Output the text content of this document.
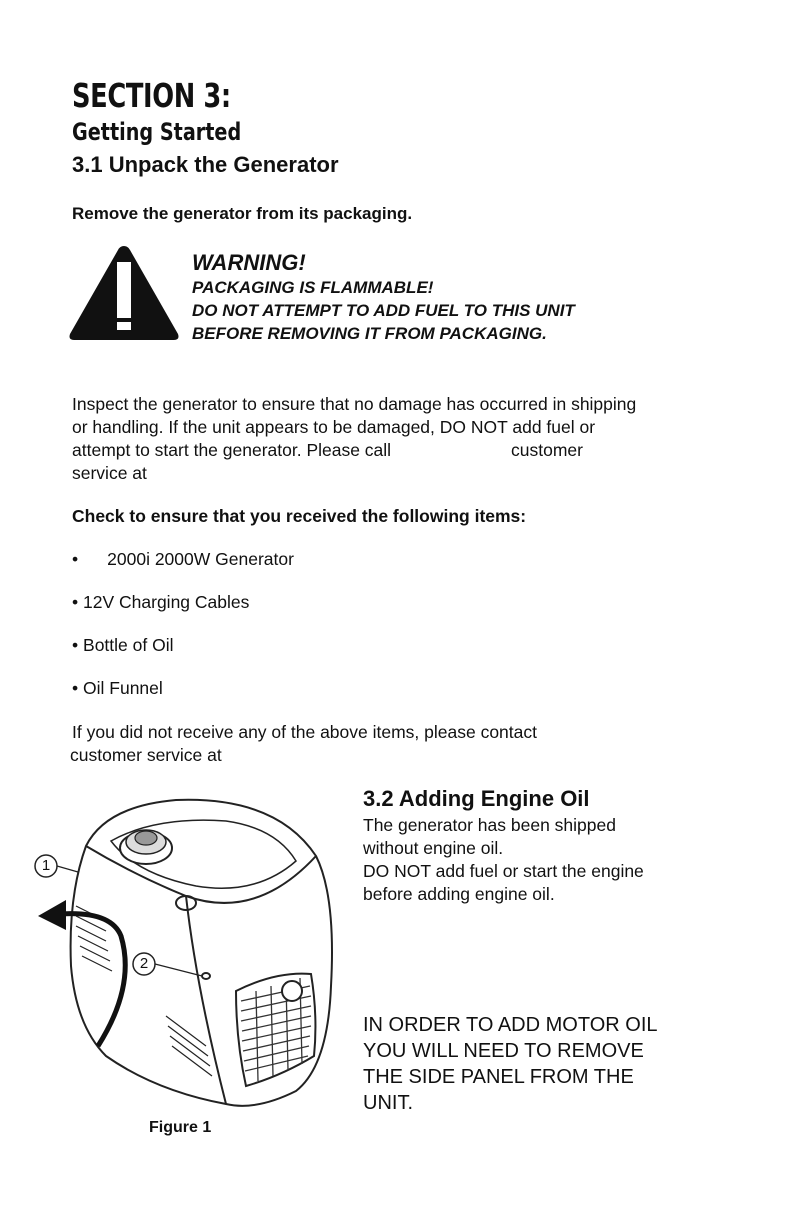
SECTION 3:
Getting Started
3.1 Unpack the Generator
Remove the generator from its packaging.
WARNING!
PACKAGING IS FLAMMABLE!
DO NOT ATTEMPT TO ADD FUEL TO THIS UNIT
BEFORE REMOVING IT FROM PACKAGING.
Inspect the generator to ensure that no damage has occurred in shipping
or handling. If the unit appears to be damaged, DO NOT add fuel or
attempt to start the generator. Please call	customer
service at
Check to ensure that you received the following items:
• 2000i 2000W Generator
• 12V Charging Cables
• Bottle of Oil
• Oil Funnel
If you did not receive any of the above items, please contact
customer service at
3.2 Adding Engine Oil
The generator has been shipped
without engine oil.
DO NOT add fuel or start the engine
before adding engine oil.
IN ORDER TO ADD MOTOR OIL
YOU WILL NEED TO REMOVE
THE SIDE PANEL FROM THE
UNIT.
1
2
Figure 1
